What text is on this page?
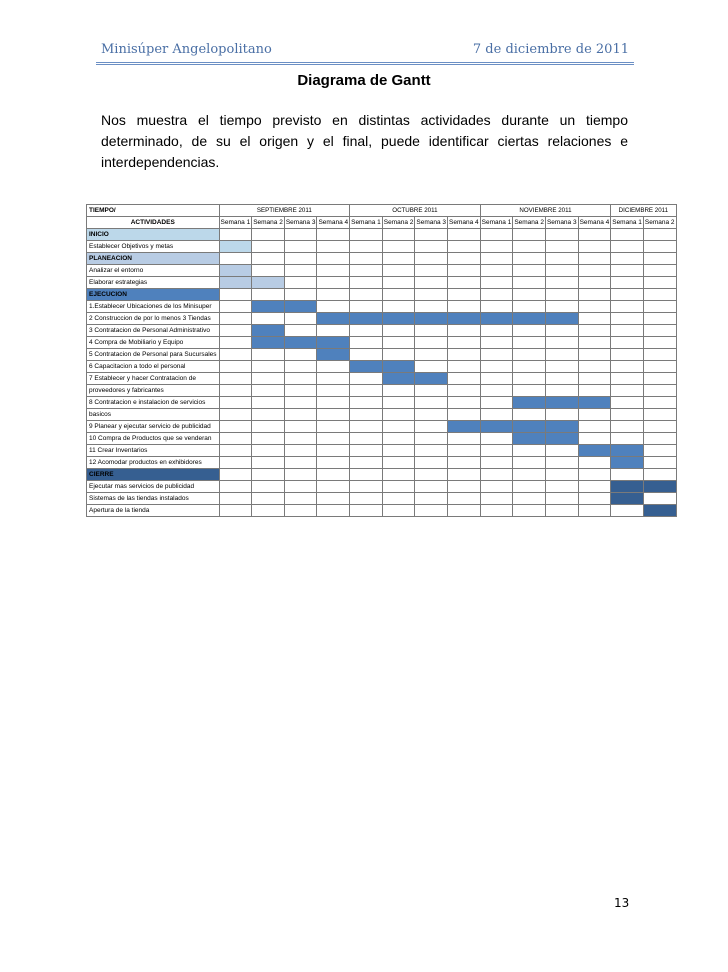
Minisúper Angelopolitano	7 de diciembre de 2011
Diagrama de Gantt
Nos muestra el tiempo previsto en distintas actividades durante un tiempo determinado, de su el origen y el final, puede identificar ciertas relaciones e interdependencias.
TIEMPO/	SEPTIEMBRE 2011				OCTUBRE 2011				NOVIEMBRE 2011				DICIEMBRE 2011	
ACTIVIDADES	Semana 1	Semana 2	Semana 3	Semana 4	Semana 1	Semana 2	Semana 3	Semana 4	Semana 1	Semana 2	Semana 3	Semana 4	Semana 1	Semana 2
INICIO														
Establecer Objetivos y metas														
PLANEACION														
Analizar el entorno														
Elaborar estrategias														
EJECUCION														
1.Establecer Ubicaciones de los Minisuper														
2 Construccion de por lo menos 3 Tiendas														
3 Contratacion de Personal Administrativo														
4 Compra de Mobiliario y Equipo														
5 Contratacion de Personal para Sucursales														
6 Capacitacion a todo el personal														
7 Establecer y hacer Contratacion de														
proveedores y fabricantes														
8 Contratacion e instalacion de servicios														
basicos														
9 Planear y ejecutar servicio de publicidad														
10 Compra de Productos que se venderan														
11 Crear Inventarios														
12 Acomodar productos en exhibidores														
CIERRE														
Ejecutar mas servicios de publicidad														
Sistemas de las tiendas instalados														
Apertura de la tienda														
13
